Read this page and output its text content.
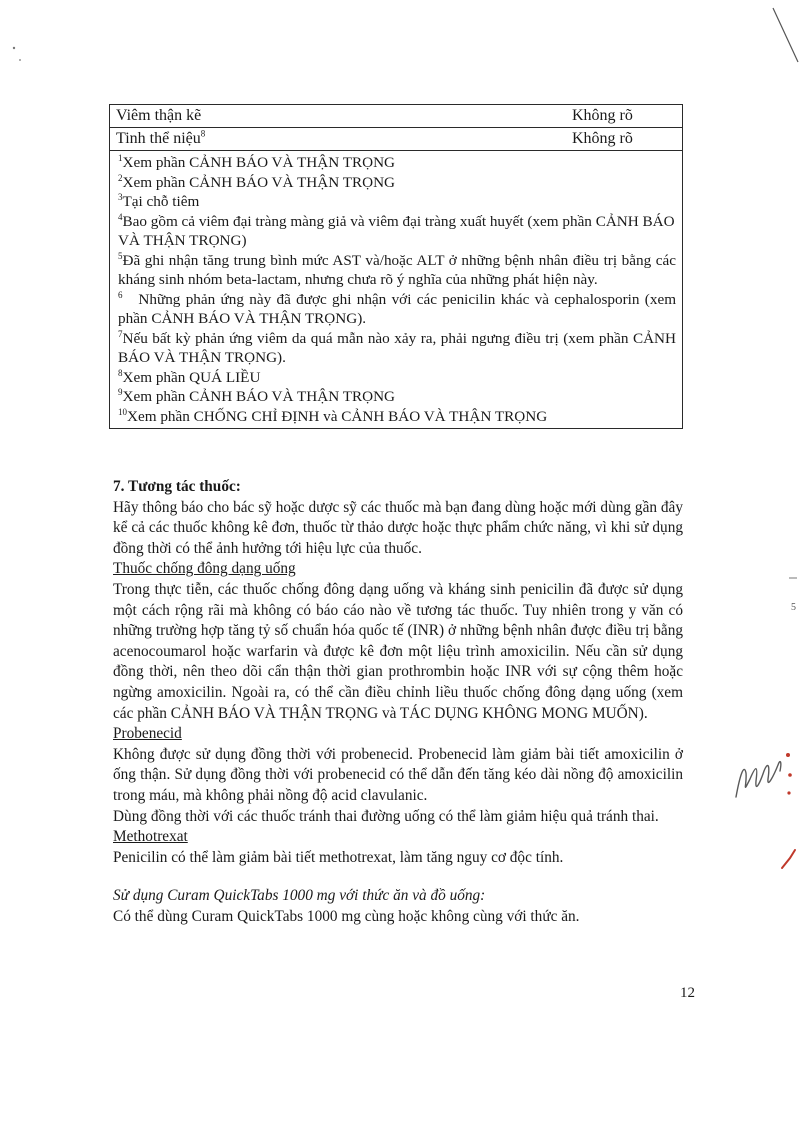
Viêm thận kẽ	Không rõ
Tinh thể niệu$^8$	Không rõ
$^1$Xem phần CẢNH BÁO VÀ THẬN TRỌNG
$^2$Xem phần CẢNH BÁO VÀ THẬN TRỌNG
$^3$Tại chỗ tiêm
$^4$Bao gồm cả viêm đại tràng màng giả và viêm đại tràng xuất huyết (xem phần CẢNH BÁO VÀ THẬN TRỌNG)
$^5$Đã ghi nhận tăng trung bình mức AST và/hoặc ALT ở những bệnh nhân điều trị bằng các kháng sinh nhóm beta-lactam, nhưng chưa rõ ý nghĩa của những phát hiện này.
$^6$ Những phản ứng này đã được ghi nhận với các penicilin khác và cephalosporin (xem phần CẢNH BÁO VÀ THẬN TRỌNG).
$^7$Nếu bất kỳ phản ứng viêm da quá mẫn nào xảy ra, phải ngưng điều trị (xem phần CẢNH BÁO VÀ THẬN TRỌNG).
$^8$Xem phần QUÁ LIỀU
$^9$Xem phần CẢNH BÁO VÀ THẬN TRỌNG
$^{10}$Xem phần CHỐNG CHỈ ĐỊNH và CẢNH BÁO VÀ THẬN TRỌNG
7. Tương tác thuốc:
Hãy thông báo cho bác sỹ hoặc dược sỹ các thuốc mà bạn đang dùng hoặc mới dùng gần đây kể cả các thuốc không kê đơn, thuốc từ thảo dược hoặc thực phẩm chức năng, vì khi sử dụng đồng thời có thể ảnh hưởng tới hiệu lực của thuốc.
Thuốc chống đông dạng uống
Trong thực tiễn, các thuốc chống đông dạng uống và kháng sinh penicilin đã được sử dụng một cách rộng rãi mà không có báo cáo nào về tương tác thuốc. Tuy nhiên trong y văn có những trường hợp tăng tỷ số chuẩn hóa quốc tế (INR) ở những bệnh nhân được điều trị bằng acenocoumarol hoặc warfarin và được kê đơn một liệu trình amoxicilin. Nếu cần sử dụng đồng thời, nên theo dõi cẩn thận thời gian prothrombin hoặc INR với sự cộng thêm hoặc ngừng amoxicilin. Ngoài ra, có thể cần điều chỉnh liều thuốc chống đông dạng uống (xem các phần CẢNH BÁO VÀ THẬN TRỌNG và TÁC DỤNG KHÔNG MONG MUỐN).
Probenecid
Không được sử dụng đồng thời với probenecid. Probenecid làm giảm bài tiết amoxicilin ở ống thận. Sử dụng đồng thời với probenecid có thể dẫn đến tăng kéo dài nồng độ amoxicilin trong máu, mà không phải nồng độ acid clavulanic.
Dùng đồng thời với các thuốc tránh thai đường uống có thể làm giảm hiệu quả tránh thai.
Methotrexat
Penicilin có thể làm giảm bài tiết methotrexat, làm tăng nguy cơ độc tính.
Sử dụng Curam QuickTabs 1000 mg với thức ăn và đồ uống:
Có thể dùng Curam QuickTabs 1000 mg cùng hoặc không cùng với thức ăn.
12
5
